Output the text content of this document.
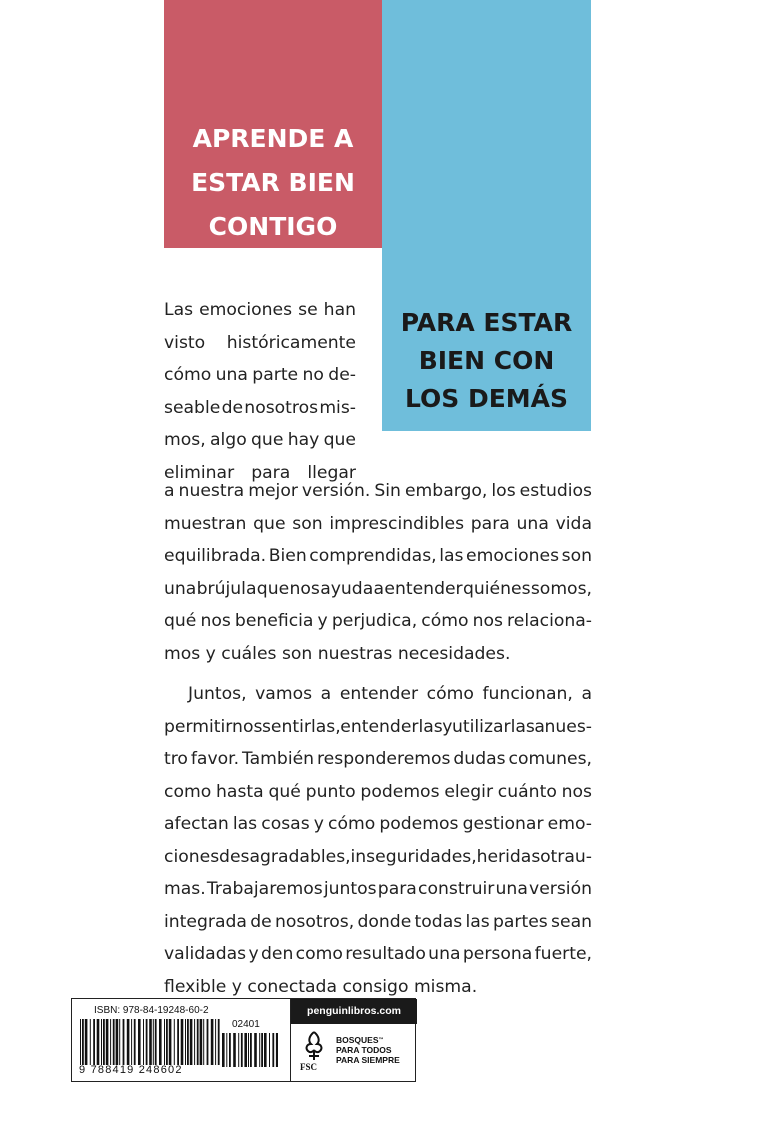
APRENDE A
ESTAR BIEN
CONTIGO
PARA ESTAR
BIEN CON
LOS DEMÁS
Las emociones se han
visto históricamente
cómo una parte no de-
seable de nosotros mis-
mos, algo que hay que
eliminar para llegar
a nuestra mejor versión. Sin embargo, los estudios
muestran que son imprescindibles para una vida
equilibrada. Bien comprendidas, las emociones son
una brújula que nos ayuda a entender quiénes somos,
qué nos beneficia y perjudica, cómo nos relaciona-
mos y cuáles son nuestras necesidades.
Juntos, vamos a entender cómo funcionan, a
permitirnos sentirlas, entenderlas y utilizarlas a nues-
tro favor. También responderemos dudas comunes,
como hasta qué punto podemos elegir cuánto nos
afectan las cosas y cómo podemos gestionar emo-
ciones desagradables, inseguridades, heridas o trau-
mas. Trabajaremos juntos para construir una versión
integrada de nosotros, donde todas las partes sean
validadas y den como resultado una persona fuerte,
flexible y conectada consigo misma.
ISBN: 978-84-19248-60-2
02401
9 788419 248602
penguinlibros.com
FSC
BOSQUES™
PARA TODOS
PARA SIEMPRE
